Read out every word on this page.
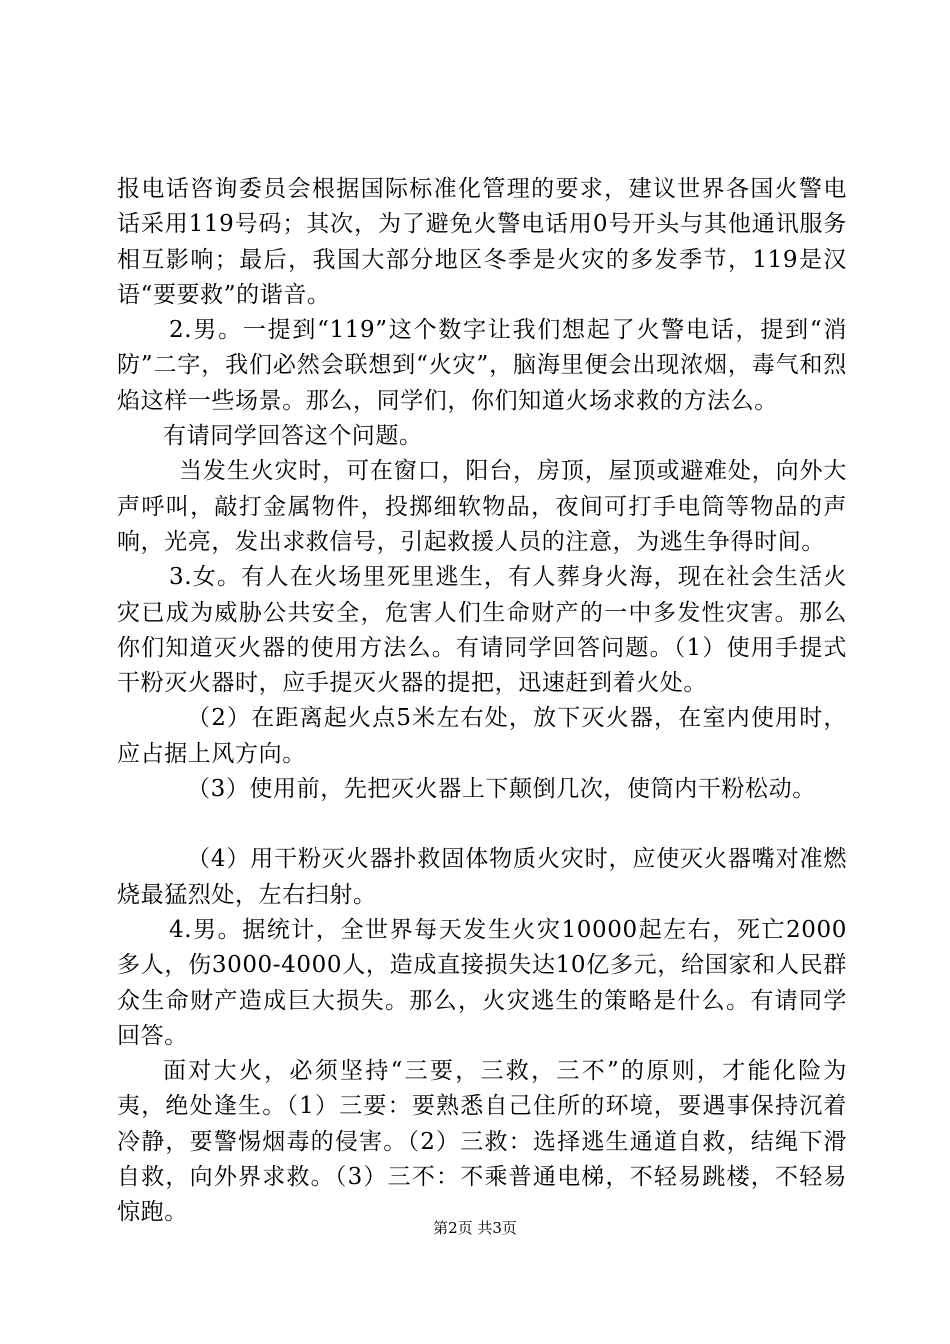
报电话咨询委员会根据国际标准化管理的要求，建议世界各国火警电话采用119号码；其次，为了避免火警电话用0号开头与其他通讯服务相互影响；最后，我国大部分地区冬季是火灾的多发季节，119是汉语“要要救”的谐音。

2.男。一提到“119”这个数字让我们想起了火警电话，提到“消防”二字，我们必然会联想到“火灾”，脑海里便会出现浓烟，毒气和烈焰这样一些场景。那么，同学们，你们知道火场求救的方法么。

有请同学回答这个问题。

当发生火灾时，可在窗口，阳台，房顶，屋顶或避难处，向外大声呼叫，敲打金属物件，投掷细软物品，夜间可打手电筒等物品的声响，光亮，发出求救信号，引起救援人员的注意，为逃生争得时间。

3.女。有人在火场里死里逃生，有人葬身火海，现在社会生活火灾已成为威胁公共安全，危害人们生命财产的一中多发性灾害。那么你们知道灭火器的使用方法么。有请同学回答问题。（1）使用手提式干粉灭火器时，应手提灭火器的提把，迅速赶到着火处。

（2）在距离起火点5米左右处，放下灭火器，在室内使用时，应占据上风方向。

（3）使用前，先把灭火器上下颠倒几次，使筒内干粉松动。

（4）用干粉灭火器扑救固体物质火灾时，应使灭火器嘴对准燃烧最猛烈处，左右扫射。

4.男。据统计，全世界每天发生火灾10000起左右，死亡2000多人，伤3000-4000人，造成直接损失达10亿多元，给国家和人民群众生命财产造成巨大损失。那么，火灾逃生的策略是什么。有请同学回答。

面对大火，必须坚持“三要，三救，三不”的原则，才能化险为夷，绝处逢生。（1）三要：要熟悉自己住所的环境，要遇事保持沉着冷静，要警惕烟毒的侵害。（2）三救：选择逃生通道自救，结绳下滑自救，向外界求救。（3）三不：不乘普通电梯，不轻易跳楼，不轻易惊跑。

第2页 共3页
